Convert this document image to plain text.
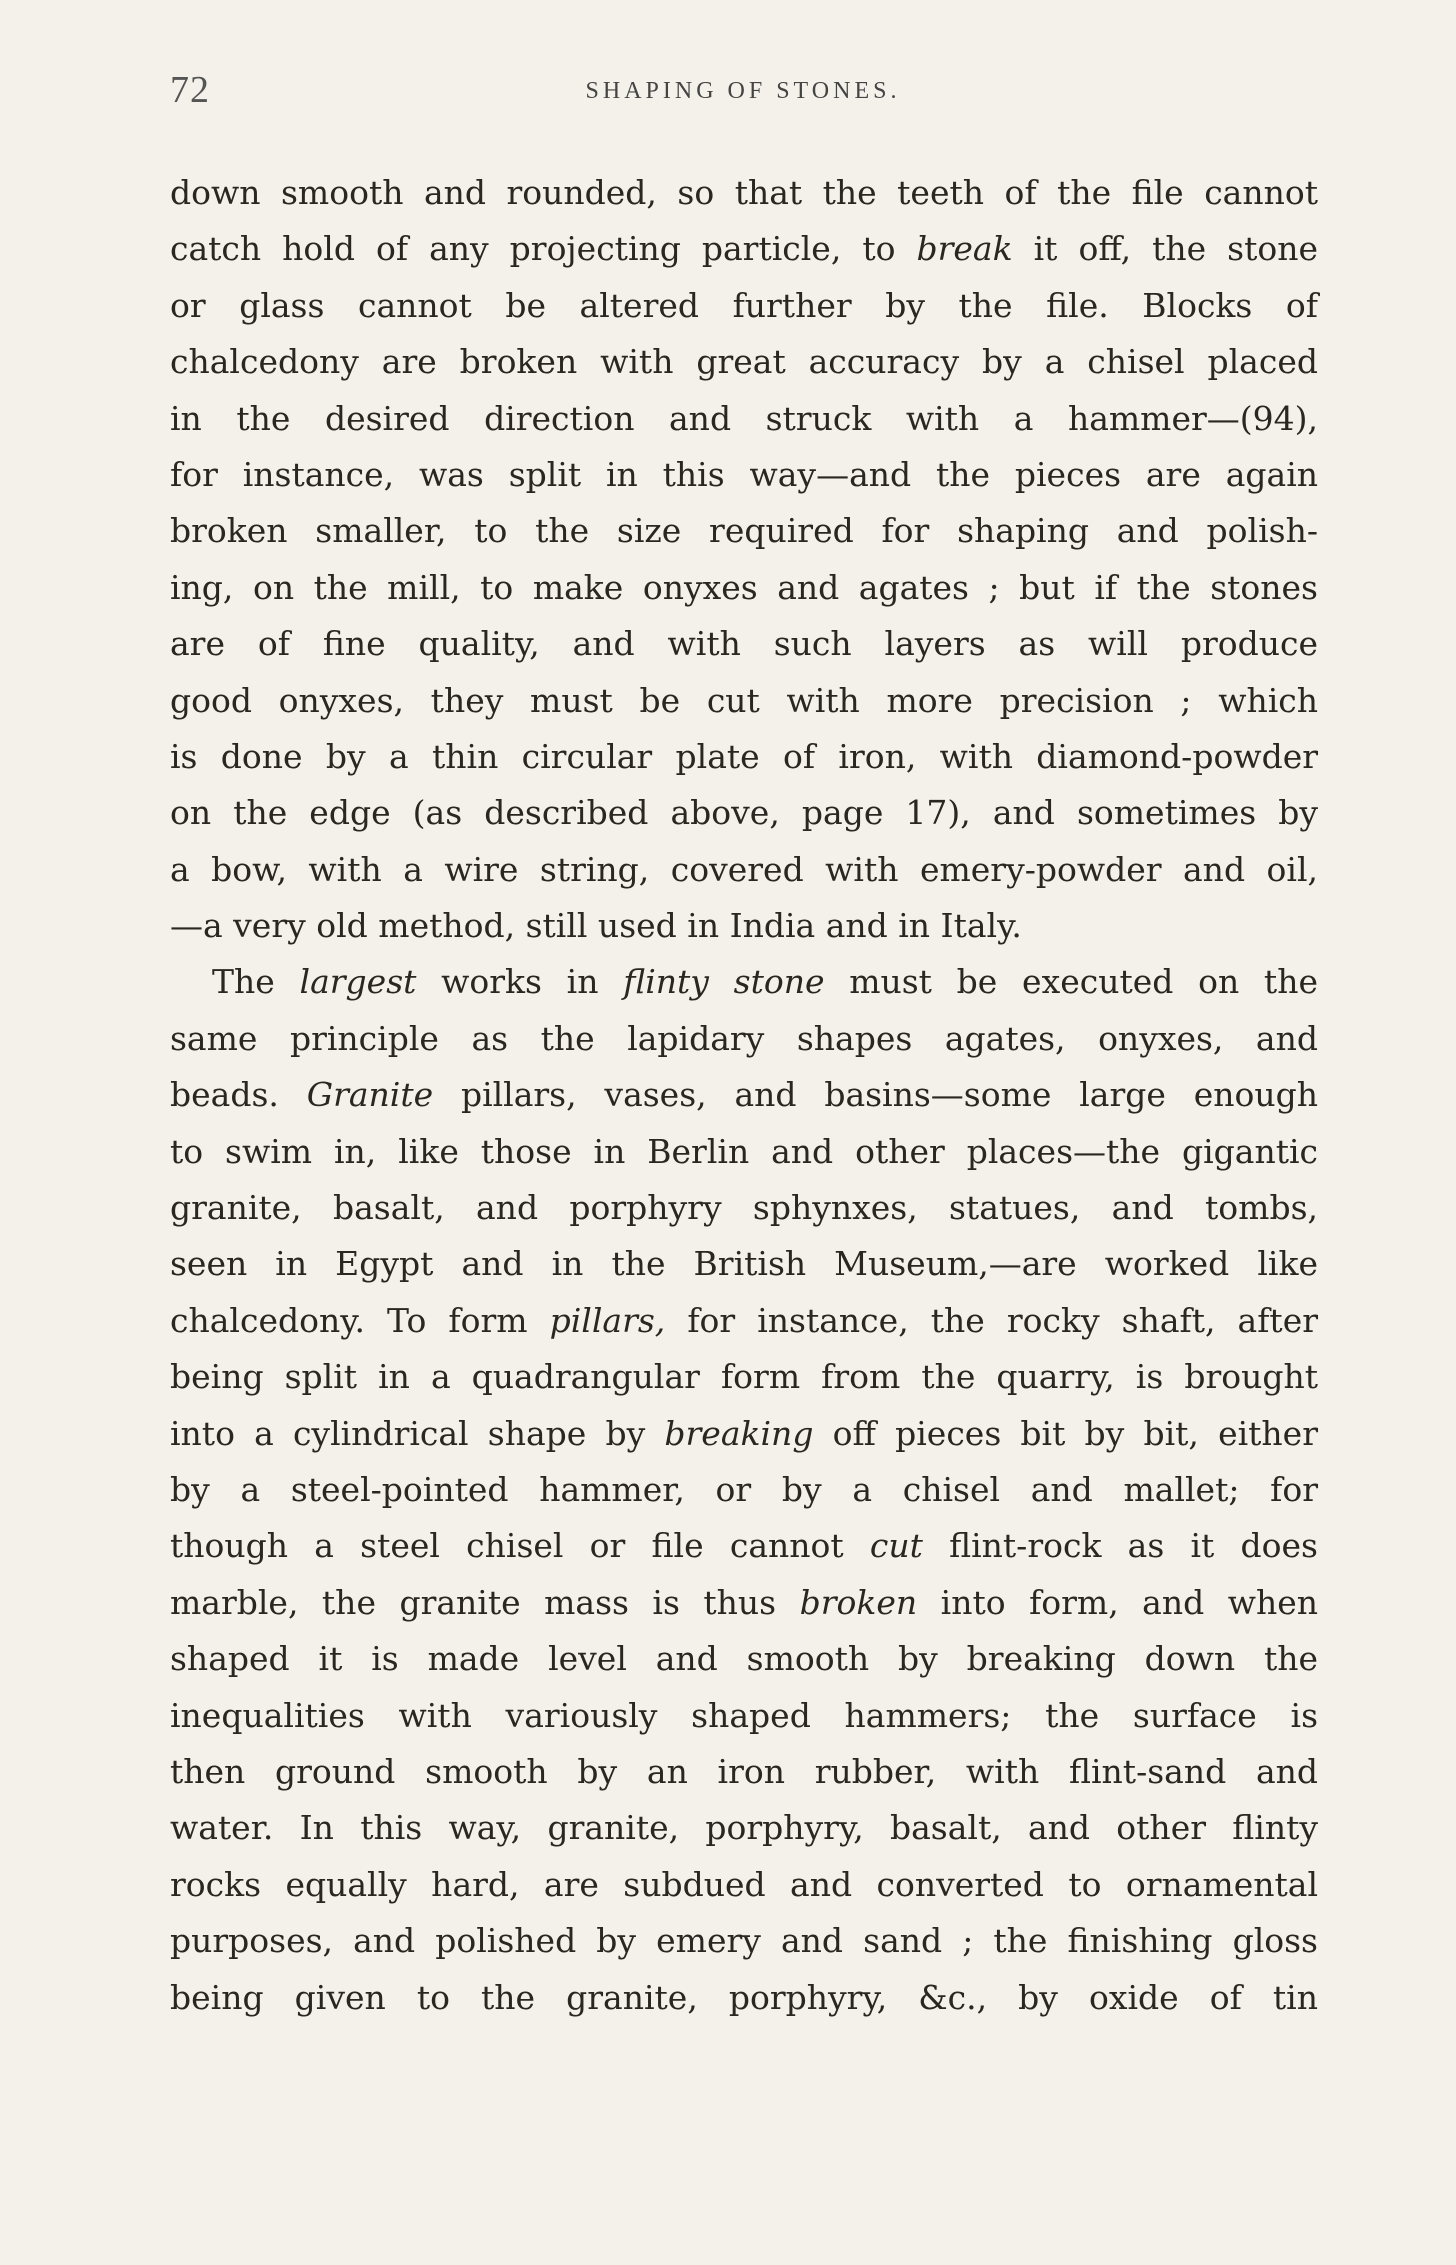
72	SHAPING OF STONES.
down smooth and rounded, so that the teeth of the file cannot
catch hold of any projecting particle, to break it off, the stone
or glass cannot be altered further by the file. Blocks of
chalcedony are broken with great accuracy by a chisel placed
in the desired direction and struck with a hammer—(94),
for instance, was split in this way—and the pieces are again
broken smaller, to the size required for shaping and polish-
ing, on the mill, to make onyxes and agates ; but if the stones
are of fine quality, and with such layers as will produce
good onyxes, they must be cut with more precision ; which
is done by a thin circular plate of iron, with diamond-powder
on the edge (as described above, page 17), and sometimes by
a bow, with a wire string, covered with emery-powder and oil,
—a very old method, still used in India and in Italy.
The largest works in flinty stone must be executed on the
same principle as the lapidary shapes agates, onyxes, and
beads. Granite pillars, vases, and basins—some large enough
to swim in, like those in Berlin and other places—the gigantic
granite, basalt, and porphyry sphynxes, statues, and tombs,
seen in Egypt and in the British Museum,—are worked like
chalcedony. To form pillars, for instance, the rocky shaft, after
being split in a quadrangular form from the quarry, is brought
into a cylindrical shape by breaking off pieces bit by bit, either
by a steel-pointed hammer, or by a chisel and mallet; for
though a steel chisel or file cannot cut flint-rock as it does
marble, the granite mass is thus broken into form, and when
shaped it is made level and smooth by breaking down the
inequalities with variously shaped hammers; the surface is
then ground smooth by an iron rubber, with flint-sand and
water. In this way, granite, porphyry, basalt, and other flinty
rocks equally hard, are subdued and converted to ornamental
purposes, and polished by emery and sand ; the finishing gloss
being given to the granite, porphyry, &c., by oxide of tin
